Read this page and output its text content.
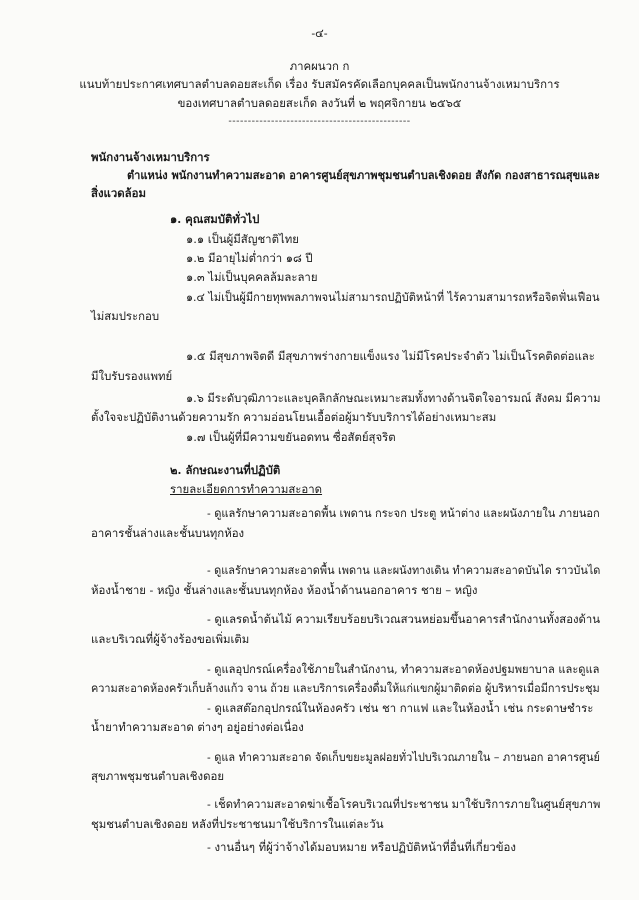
-๔-
ภาคผนวก ก
แนบท้ายประกาศเทศบาลตำบลดอยสะเก็ด เรื่อง รับสมัครคัดเลือกบุคคลเป็นพนักงานจ้างเหมาบริการ
ของเทศบาลตำบลดอยสะเก็ด ลงวันที่ ๒ พฤศจิกายน ๒๕๖๕
-----------------------------------------------
พนักงานจ้างเหมาบริการ
ตำแหน่ง พนักงานทำความสะอาด อาคารศูนย์สุขภาพชุมชนตำบลเชิงดอย สังกัด กองสาธารณสุขและ
สิ่งแวดล้อม
๑. คุณสมบัติทั่วไป
๑.๑ เป็นผู้มีสัญชาติไทย
๑.๒ มีอายุไม่ต่ำกว่า ๑๘ ปี
๑.๓ ไม่เป็นบุคคลล้มละลาย
๑.๔ ไม่เป็นผู้มีกายทุพพลภาพจนไม่สามารถปฏิบัติหน้าที่ ไร้ความสามารถหรือจิตฟั่นเฟือน
ไม่สมประกอบ
๑.๕ มีสุขภาพจิตดี มีสุขภาพร่างกายแข็งแรง ไม่มีโรคประจำตัว ไม่เป็นโรคติดต่อและ
มีใบรับรองแพทย์
๑.๖ มีระดับวุฒิภาวะและบุคลิกลักษณะเหมาะสมทั้งทางด้านจิตใจอารมณ์ สังคม มีความ
ตั้งใจจะปฏิบัติงานด้วยความรัก ความอ่อนโยนเอื้อต่อผู้มารับบริการได้อย่างเหมาะสม
๑.๗ เป็นผู้ที่มีความขยันอดทน ซื่อสัตย์สุจริต
๒. ลักษณะงานที่ปฏิบัติ
รายละเอียดการทำความสะอาด
- ดูแลรักษาความสะอาดพื้น เพดาน กระจก ประตู หน้าต่าง และผนังภายใน ภายนอก
อาคารชั้นล่างและชั้นบนทุกห้อง
- ดูแลรักษาความสะอาดพื้น เพดาน และผนังทางเดิน ทำความสะอาดบันได ราวบันได
ห้องน้ำชาย - หญิง ชั้นล่างและชั้นบนทุกห้อง ห้องน้ำด้านนอกอาคาร ชาย – หญิง
- ดูแลรดน้ำต้นไม้ ความเรียบร้อยบริเวณสวนหย่อมขึ้นอาคารสำนักงานทั้งสองด้าน
และบริเวณที่ผู้จ้างร้องขอเพิ่มเติม
- ดูแลอุปกรณ์เครื่องใช้ภายในสำนักงาน, ทำความสะอาดห้องปฐมพยาบาล และดูแล
ความสะอาดห้องครัวเก็บล้างแก้ว จาน ถ้วย และบริการเครื่องดื่มให้แก่แขกผู้มาติดต่อ ผู้บริหารเมื่อมีการประชุม
- ดูแลสต๊อกอุปกรณ์ในห้องครัว เช่น ชา กาแฟ และในห้องน้ำ เช่น กระดาษชำระ
น้ำยาทำความสะอาด ต่างๆ อยู่อย่างต่อเนื่อง
- ดูแล ทำความสะอาด จัดเก็บขยะมูลฝอยทั่วไปบริเวณภายใน – ภายนอก อาคารศูนย์
สุขภาพชุมชนตำบลเชิงดอย
- เช็ดทำความสะอาดฆ่าเชื้อโรคบริเวณที่ประชาชน มาใช้บริการภายในศูนย์สุขภาพ
ชุมชนตำบลเชิงดอย หลังที่ประชาชนมาใช้บริการในแต่ละวัน
- งานอื่นๆ ที่ผู้ว่าจ้างได้มอบหมาย หรือปฏิบัติหน้าที่อื่นที่เกี่ยวข้อง
